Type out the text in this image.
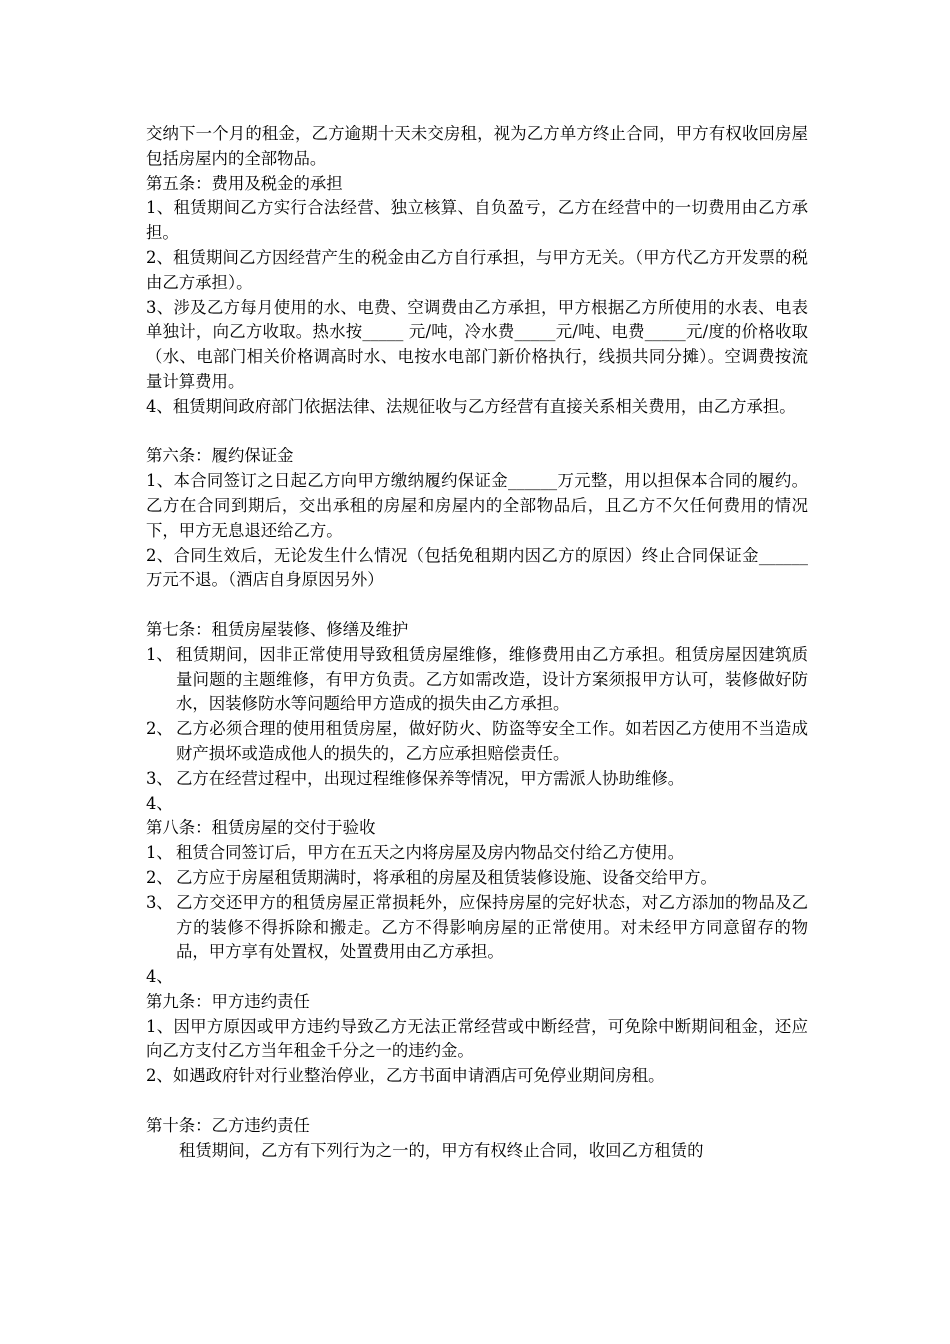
交纳下一个月的租金，乙方逾期十天未交房租，视为乙方单方终止合同，甲方有权收回房屋包括房屋内的全部物品。

第五条：费用及税金的承担

1、租赁期间乙方实行合法经营、独立核算、自负盈亏，乙方在经营中的一切费用由乙方承担。

2、租赁期间乙方因经营产生的税金由乙方自行承担，与甲方无关。（甲方代乙方开发票的税由乙方承担）。

3、涉及乙方每月使用的水、电费、空调费由乙方承担，甲方根据乙方所使用的水表、电表单独计，向乙方收取。热水按_____ 元/吨，冷水费_____元/吨、电费_____元/度的价格收取（水、电部门相关价格调高时水、电按水电部门新价格执行，线损共同分摊）。空调费按流量计算费用。

4、租赁期间政府部门依据法律、法规征收与乙方经营有直接关系相关费用，由乙方承担。

第六条：履约保证金

1、本合同签订之日起乙方向甲方缴纳履约保证金______万元整，用以担保本合同的履约。乙方在合同到期后，交出承租的房屋和房屋内的全部物品后，且乙方不欠任何费用的情况下，甲方无息退还给乙方。

2、合同生效后，无论发生什么情况（包括免租期内因乙方的原因）终止合同保证金______万元不退。（酒店自身原因另外）

第七条：租赁房屋装修、修缮及维护

1、 租赁期间，因非正常使用导致租赁房屋维修，维修费用由乙方承担。租赁房屋因建筑质量问题的主题维修，有甲方负责。乙方如需改造，设计方案须报甲方认可，装修做好防水，因装修防水等问题给甲方造成的损失由乙方承担。
2、 乙方必须合理的使用租赁房屋，做好防火、防盗等安全工作。如若因乙方使用不当造成财产损坏或造成他人的损失的，乙方应承担赔偿责任。
3、 乙方在经营过程中，出现过程维修保养等情况，甲方需派人协助维修。
4、

第八条：租赁房屋的交付于验收

1、 租赁合同签订后，甲方在五天之内将房屋及房内物品交付给乙方使用。
2、 乙方应于房屋租赁期满时，将承租的房屋及租赁装修设施、设备交给甲方。
3、 乙方交还甲方的租赁房屋正常损耗外，应保持房屋的完好状态，对乙方添加的物品及乙方的装修不得拆除和搬走。乙方不得影响房屋的正常使用。对未经甲方同意留存的物品，甲方享有处置权，处置费用由乙方承担。
4、

第九条：甲方违约责任

1、因甲方原因或甲方违约导致乙方无法正常经营或中断经营，可免除中断期间租金，还应向乙方支付乙方当年租金千分之一的违约金。

2、如遇政府针对行业整治停业，乙方书面申请酒店可免停业期间房租。

第十条：乙方违约责任

租赁期间，乙方有下列行为之一的，甲方有权终止合同，收回乙方租赁的
